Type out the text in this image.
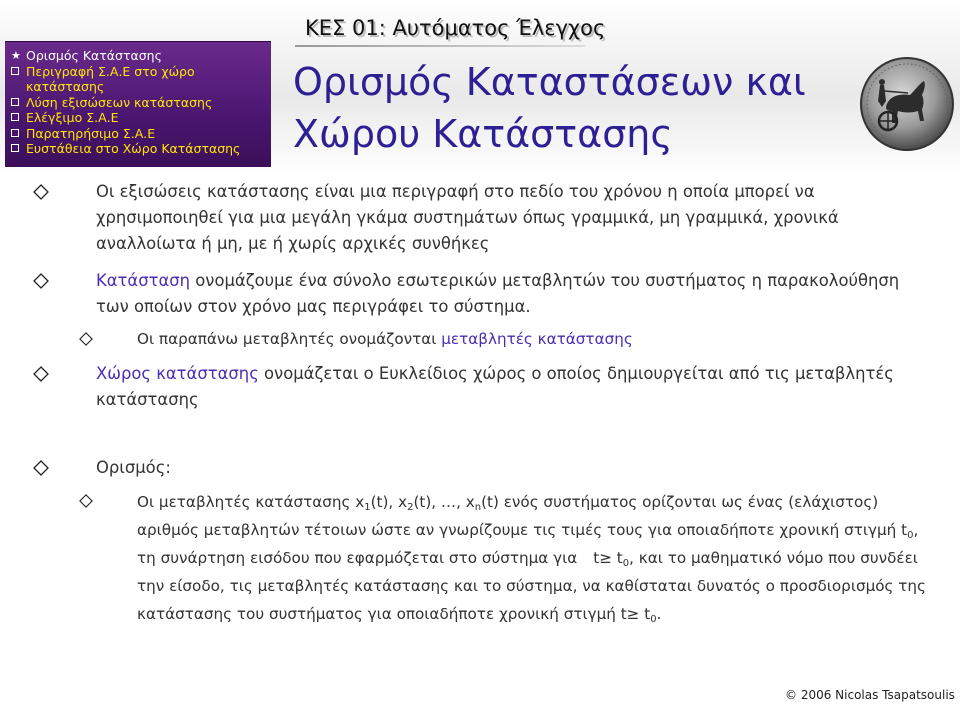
ΚΕΣ 01: Αυτόματος Έλεγχος
★ Ορισμός Κατάστασης
Περιγραφή Σ.Α.Ε στο χώρο κατάστασης
Λύση εξισώσεων κατάστασης
Ελέγξιμο Σ.Α.Ε
Παρατηρήσιμο Σ.Α.Ε
Ευστάθεια στο Χώρο Κατάστασης
Ορισμός Καταστάσεων και
Χώρου Κατάστασης
Οι εξισώσεις κατάστασης είναι μια περιγραφή στο πεδίο του χρόνου η οποία μπορεί να χρησιμοποιηθεί για μια μεγάλη γκάμα συστημάτων όπως γραμμικά, μη γραμμικά, χρονικά αναλλοίωτα ή μη, με ή χωρίς αρχικές συνθήκες
Κατάσταση ονομάζουμε ένα σύνολο εσωτερικών μεταβλητών του συστήματος η παρακολούθηση των οποίων στον χρόνο μας περιγράφει το σύστημα.
Οι παραπάνω μεταβλητές ονομάζονται μεταβλητές κατάστασης
Χώρος κατάστασης ονομάζεται ο Ευκλείδιος χώρος ο οποίος δημιουργείται από τις μεταβλητές κατάστασης
Ορισμός:
Οι μεταβλητές κατάστασης $x_1(t)$, $x_2(t)$, …, $x_n(t)$ ενός συστήματος ορίζονται ως ένας (ελάχιστος) αριθμός μεταβλητών τέτοιων ώστε αν γνωρίζουμε τις τιμές τους για οποιαδήποτε χρονική στιγμή $t_0$, τη συνάρτηση εισόδου που εφαρμόζεται στο σύστημα για $t\ge t_0$, και το μαθηματικό νόμο που συνδέει την είσοδο, τις μεταβλητές κατάστασης και το σύστημα, να καθίσταται δυνατός ο προσδιορισμός της κατάστασης του συστήματος για οποιαδήποτε χρονική στιγμή $t\ge t_0$.
© 2006 Nicolas Tsapatsoulis
